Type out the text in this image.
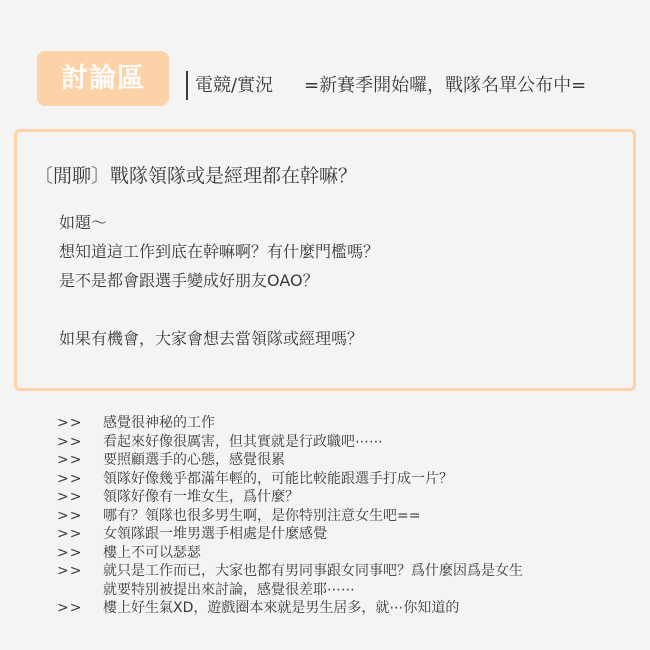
討論區	電競/實況 =新賽季開始囉，戰隊名單公布中=
〔閒聊〕戰隊領隊或是經理都在幹嘛？
如題～
想知道這工作到底在幹嘛啊？有什麼門檻嗎？
是不是都會跟選手變成好朋友OAO？
如果有機會，大家會想去當領隊或經理嗎？
>> 感覺很神秘的工作
>> 看起來好像很厲害，但其實就是行政職吧⋯⋯
>> 要照顧選手的心態，感覺很累
>> 領隊好像幾乎都滿年輕的，可能比較能跟選手打成一片？
>> 領隊好像有一堆女生，爲什麼？
>> 哪有？領隊也很多男生啊，是你特別注意女生吧==
>> 女領隊跟一堆男選手相處是什麼感覺
>> 樓上不可以瑟瑟
>> 就只是工作而已，大家也都有男同事跟女同事吧？爲什麼因爲是女生
就要特別被提出來討論，感覺很差耶⋯⋯
>> 樓上好生氣XD，遊戲圈本來就是男生居多，就⋯你知道的
